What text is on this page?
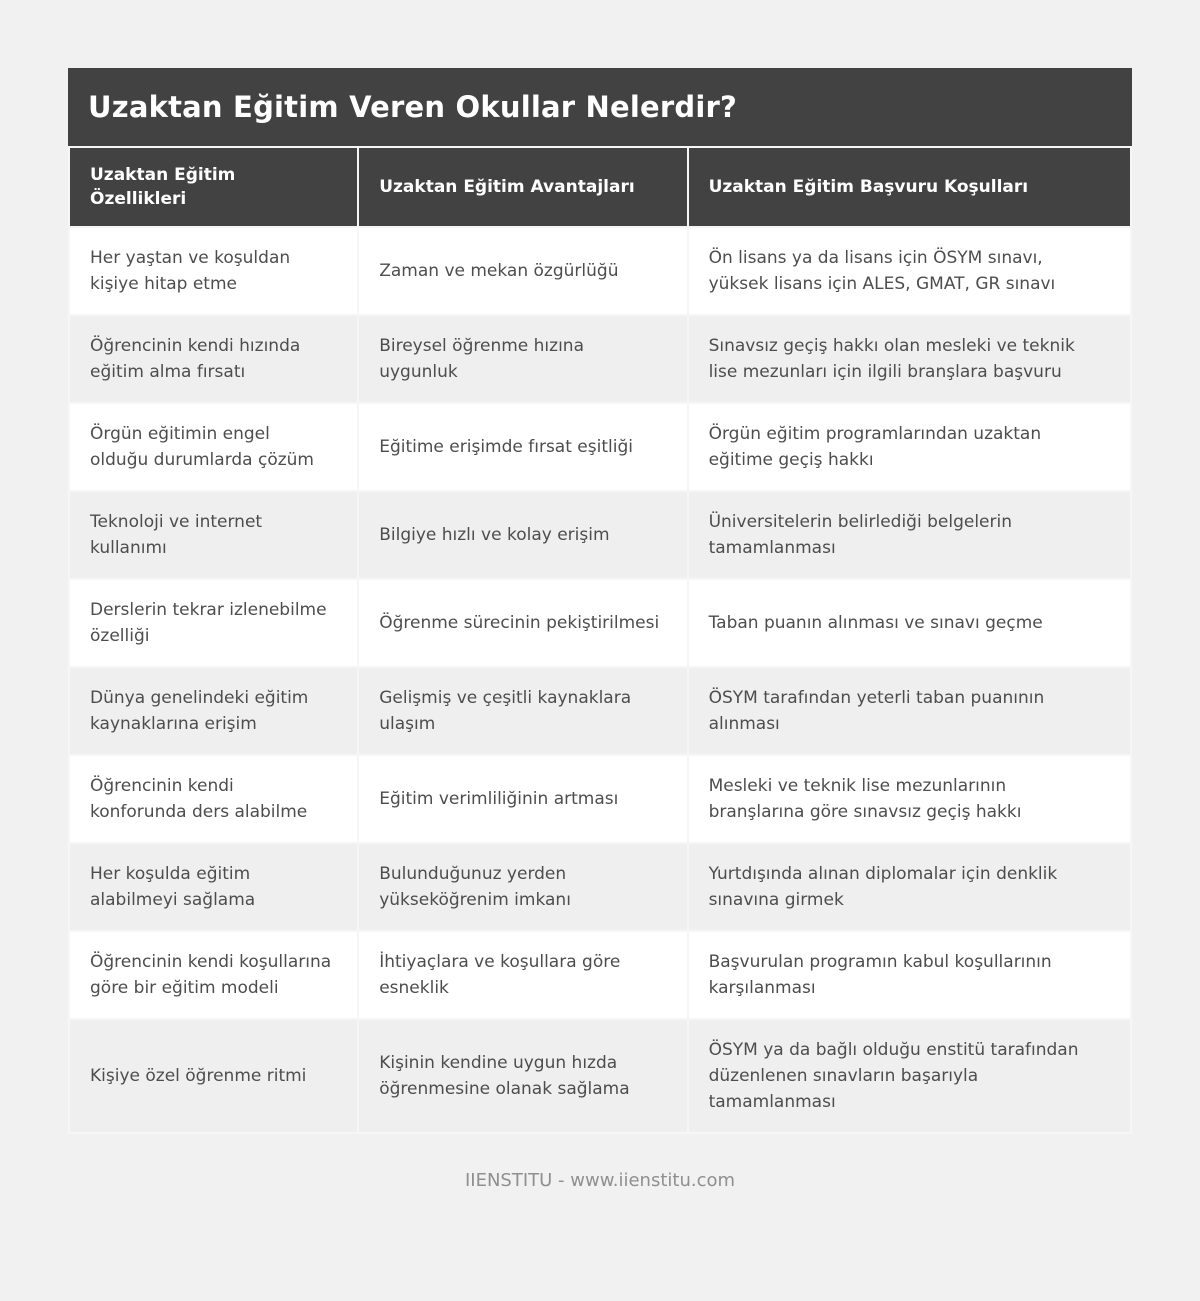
Uzaktan Eğitim Veren Okullar Nelerdir?
Uzaktan Eğitim Özellikleri	Uzaktan Eğitim Avantajları	Uzaktan Eğitim Başvuru Koşulları
Her yaştan ve koşuldan kişiye hitap etme	Zaman ve mekan özgürlüğü	Ön lisans ya da lisans için ÖSYM sınavı, yüksek lisans için ALES, GMAT, GR sınavı
Öğrencinin kendi hızında eğitim alma fırsatı	Bireysel öğrenme hızına uygunluk	Sınavsız geçiş hakkı olan mesleki ve teknik lise mezunları için ilgili branşlara başvuru
Örgün eğitimin engel olduğu durumlarda çözüm	Eğitime erişimde fırsat eşitliği	Örgün eğitim programlarından uzaktan eğitime geçiş hakkı
Teknoloji ve internet kullanımı	Bilgiye hızlı ve kolay erişim	Üniversitelerin belirlediği belgelerin tamamlanması
Derslerin tekrar izlenebilme özelliği	Öğrenme sürecinin pekiştirilmesi	Taban puanın alınması ve sınavı geçme
Dünya genelindeki eğitim kaynaklarına erişim	Gelişmiş ve çeşitli kaynaklara ulaşım	ÖSYM tarafından yeterli taban puanının alınması
Öğrencinin kendi konforunda ders alabilme	Eğitim verimliliğinin artması	Mesleki ve teknik lise mezunlarının branşlarına göre sınavsız geçiş hakkı
Her koşulda eğitim alabilmeyi sağlama	Bulunduğunuz yerden yükseköğrenim imkanı	Yurtdışında alınan diplomalar için denklik sınavına girmek
Öğrencinin kendi koşullarına göre bir eğitim modeli	İhtiyaçlara ve koşullara göre esneklik	Başvurulan programın kabul koşullarının karşılanması
Kişiye özel öğrenme ritmi	Kişinin kendine uygun hızda öğrenmesine olanak sağlama	ÖSYM ya da bağlı olduğu enstitü tarafından düzenlenen sınavların başarıyla tamamlanması
IIENSTITU - www.iienstitu.com
